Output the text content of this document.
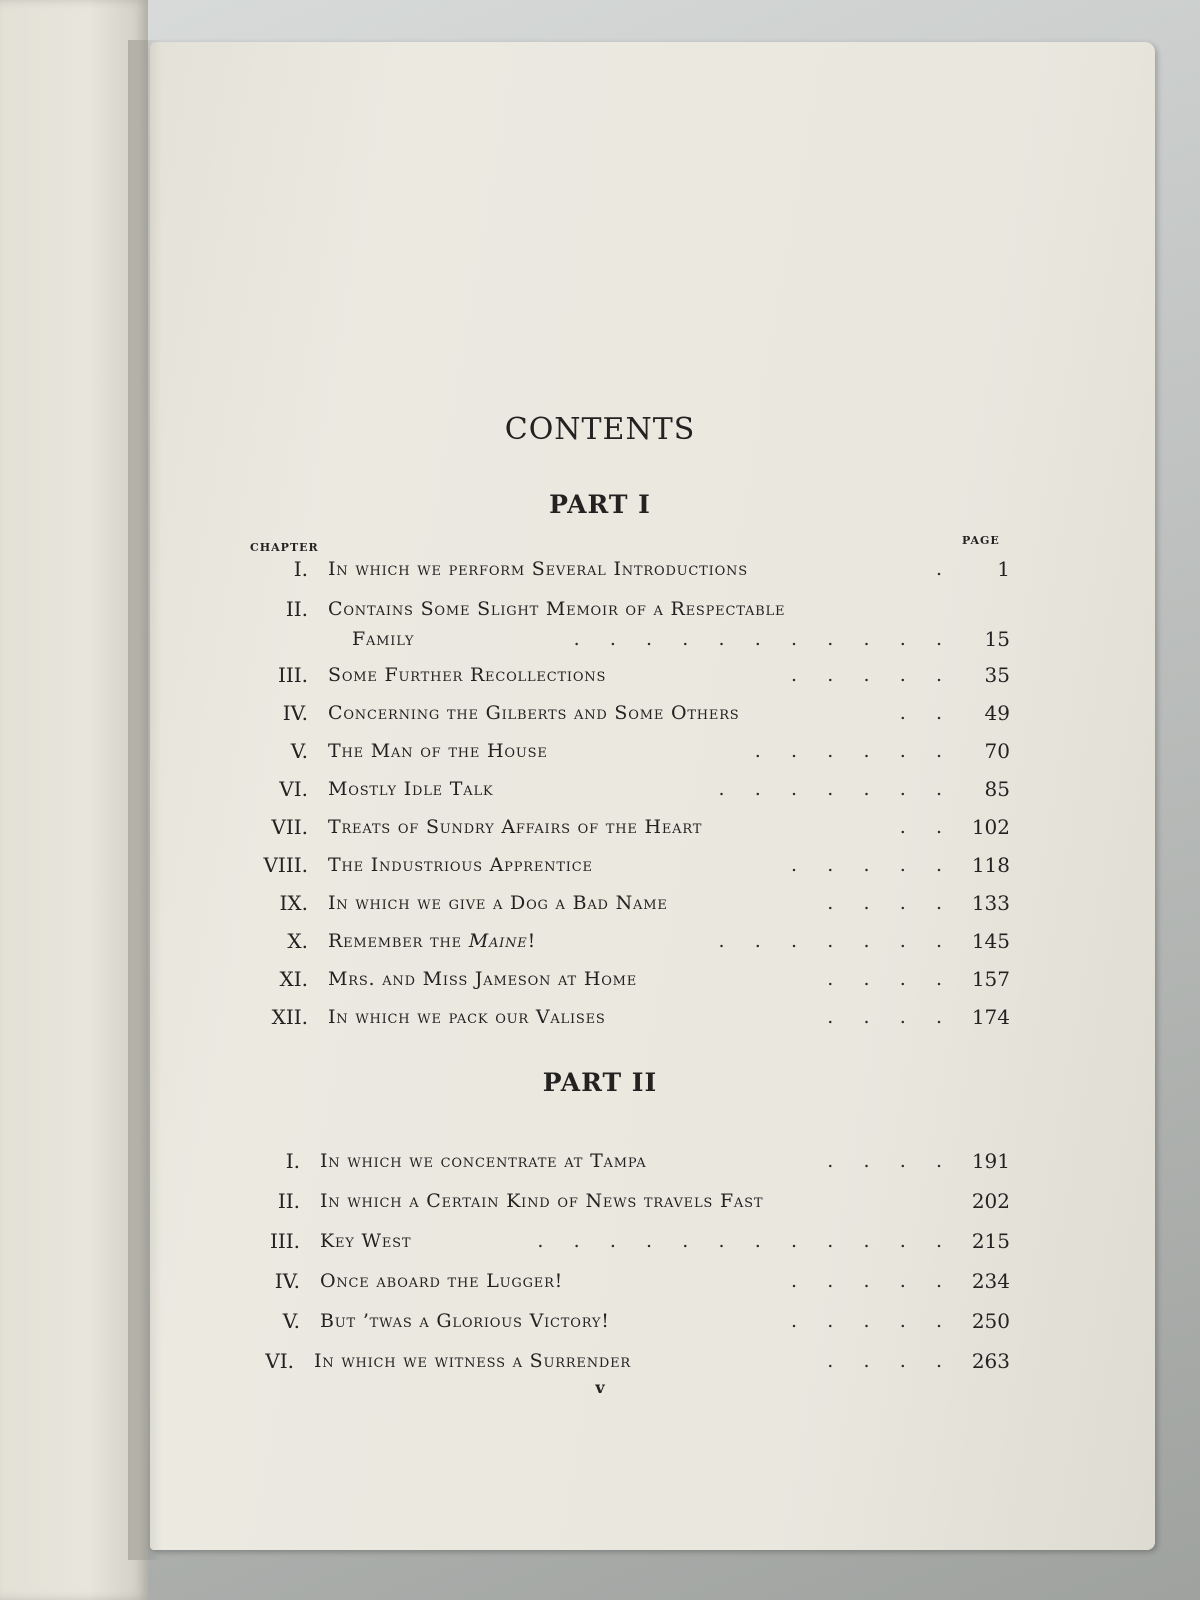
CONTENTS
PART I
CHAPTER
PAGE
I. In which we perform Several Introductions	.	1
II. Contains Some Slight Memoir of a Respectable
Family	.     .     .     .     .     .     .     .     .     .     .	15
III. Some Further Recollections	.     .     .     .     .	35
IV. Concerning the Gilberts and Some Others	.     .	49
V. The Man of the House	.     .     .     .     .     .	70
VI. Mostly Idle Talk	.     .     .     .     .     .     .	85
VII. Treats of Sundry Affairs of the Heart	.     .	102
VIII. The Industrious Apprentice	.     .     .     .     .	118
IX. In which we give a Dog a Bad Name	.     .     .     .	133
X. Remember the Maine!	.     .     .     .     .     .     .	145
XI. Mrs. and Miss Jameson at Home	.     .     .     .	157
XII. In which we pack our Valises	.     .     .     .	174
PART II
I. In which we concentrate at Tampa	.     .     .     .	191
II. In which a Certain Kind of News travels Fast	202
III. Key West	.     .     .     .     .     .     .     .     .     .     .     .	215
IV. Once aboard the Lugger!	.     .     .     .     .	234
V. But ’twas a Glorious Victory!	.     .     .     .     .	250
VI. In which we witness a Surrender	.     .     .     .	263
v
